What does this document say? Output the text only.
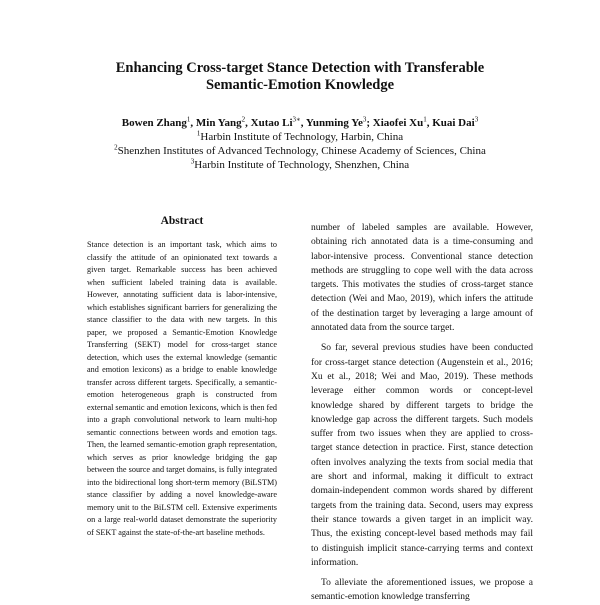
Enhancing Cross-target Stance Detection with Transferable
Semantic-Emotion Knowledge
Bowen Zhang$^1$, Min Yang$^2$, Xutao $Li^{3∗}$, Yunming Ye$^3$; Xiaofei Xu$^1$, Kuai Dai$^3$
$^1$Harbin Institute of Technology, Harbin, China
$^2$Shenzhen Institutes of Advanced Technology, Chinese Academy of Sciences, China
$^3$Harbin Institute of Technology, Shenzhen, China
Abstract

Stance detection is an important task, which aims to classify the attitude of an opinionated text towards a given target. Remarkable success has been achieved when sufficient labeled training data is available. However, annotating sufficient data is labor-intensive, which establishes significant barriers for generalizing the stance classifier to the data with new targets. In this paper, we proposed a Semantic-Emotion Knowledge Transferring (SEKT) model for cross-target stance detection, which uses the external knowledge (semantic and emotion lexicons) as a bridge to enable knowledge transfer across different targets. Specifically, a semantic-emotion heterogeneous graph is constructed from external semantic and emotion lexicons, which is then fed into a graph convolutional network to learn multi-hop semantic connections between words and emotion tags. Then, the learned semantic-emotion graph representation, which serves as prior knowledge bridging the gap between the source and target domains, is fully integrated into the bidirectional long short-term memory (BiLSTM) stance classifier by adding a novel knowledge-aware memory unit to the BiLSTM cell. Extensive experiments on a large real-world dataset demonstrate the superiority of SEKT against the state-of-the-art baseline methods.

number of labeled samples are available. However, obtaining rich annotated data is a time-consuming and labor-intensive process. Conventional stance detection methods are struggling to cope well with the data across targets. This motivates the studies of cross-target stance detection (Wei and Mao, 2019), which infers the attitude of the destination target by leveraging a large amount of annotated data from the source target.

So far, several previous studies have been conducted for cross-target stance detection (Augenstein et al., 2016; Xu et al., 2018; Wei and Mao, 2019). These methods leverage either common words or concept-level knowledge shared by different targets to bridge the knowledge gap across the different targets. Such models suffer from two issues when they are applied to cross-target stance detection in practice. First, stance detection often involves analyzing the texts from social media that are short and informal, making it difficult to extract domain-independent common words shared by different targets from the training data. Second, users may express their stance towards a given target in an implicit way. Thus, the existing concept-level based methods may fail to distinguish implicit stance-carrying terms and context information.

To alleviate the aforementioned issues, we propose a semantic-emotion knowledge transferring
